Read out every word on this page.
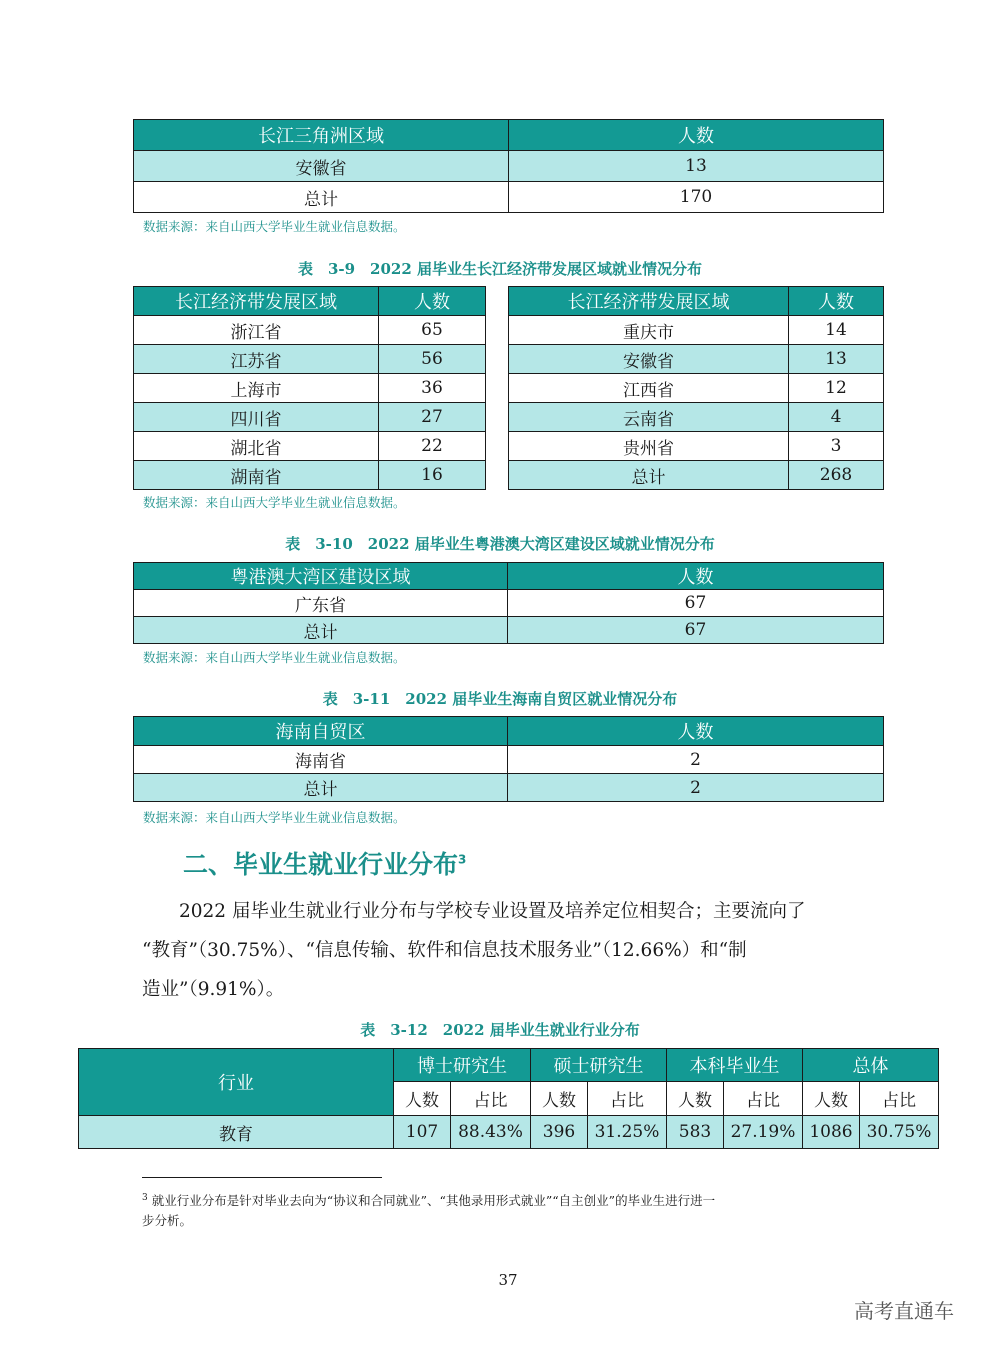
长江三角洲区域	人数
安徽省	13
总计	170
数据来源：来自山西大学毕业生就业信息数据。
表　3-9　2022 届毕业生长江经济带发展区域就业情况分布
长江经济带发展区域	人数
浙江省	65
江苏省	56
上海市	36
四川省	27
湖北省	22
湖南省	16
长江经济带发展区域	人数
重庆市	14
安徽省	13
江西省	12
云南省	4
贵州省	3
总计	268
数据来源：来自山西大学毕业生就业信息数据。
表　3-10　2022 届毕业生粤港澳大湾区建设区域就业情况分布
粤港澳大湾区建设区域	人数
广东省	67
总计	67
数据来源：来自山西大学毕业生就业信息数据。
表　3-11　2022 届毕业生海南自贸区就业情况分布
海南自贸区	人数
海南省	2
总计	2
数据来源：来自山西大学毕业生就业信息数据。
二、毕业生就业行业分布$^3$
2022 届毕业生就业行业分布与学校专业设置及培养定位相契合；主要流向了
“教育”（30.75%）、“信息传输、软件和信息技术服务业”（12.66%）和“制
造业”（9.91%）。
表　3-12　2022 届毕业生就业行业分布
行业	博士研究生		硕士研究生		本科毕业生		总体	
	人数	占比	人数	占比	人数	占比	人数	占比
教育	107	88.43%	396	31.25%	583	27.19%	1086	30.75%
$^3$ 就业行业分布是针对毕业去向为“协议和合同就业”、“其他录用形式就业”“自主创业”的毕业生进行进一
步分析。
37
高考直通车
